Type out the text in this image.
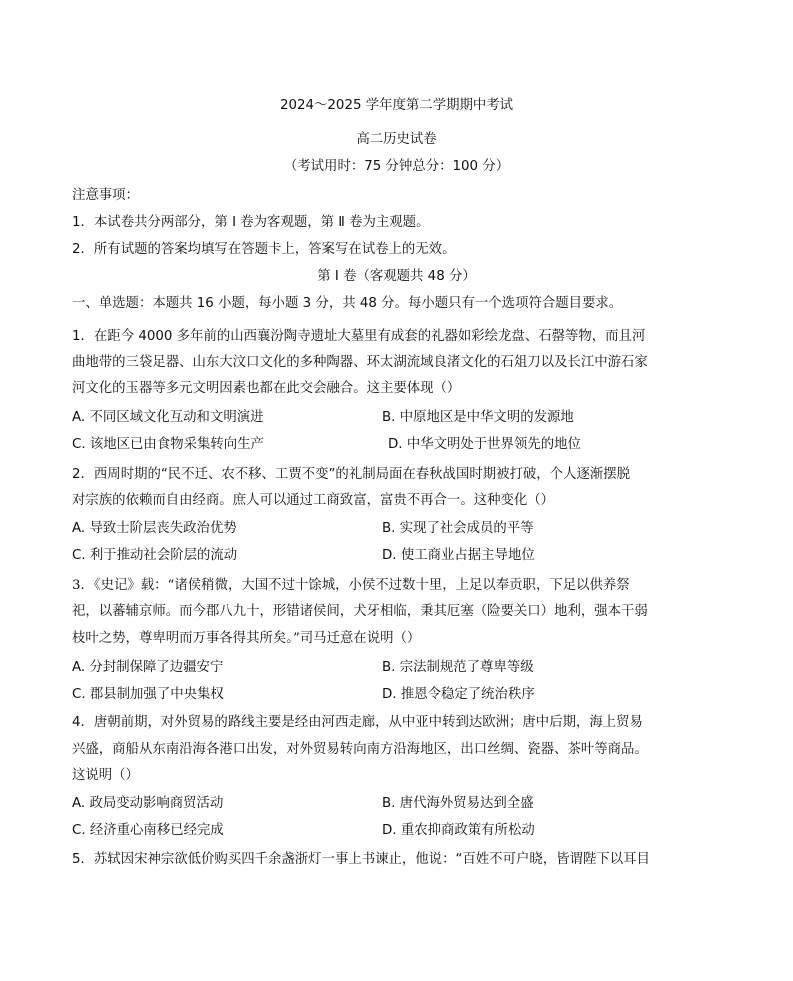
2024～2025 学年度第二学期期中考试
高二历史试卷
（考试用时：75 分钟总分：100 分）
注意事项：
1．本试卷共分两部分，第 Ⅰ 卷为客观题，第 Ⅱ 卷为主观题。
2．所有试题的答案均填写在答题卡上，答案写在试卷上的无效。
第 Ⅰ 卷（客观题共 48 分）
一、单选题：本题共 16 小题，每小题 3 分，共 48 分。每小题只有一个选项符合题目要求。
1．在距今 4000 多年前的山西襄汾陶寺遗址大墓里有成套的礼器如彩绘龙盘、石罄等物，而且河
曲地带的三袋足器、山东大汶口文化的多种陶器、环太湖流域良渚文化的石俎刀以及长江中游石家
河文化的玉器等多元文明因素也都在此交会融合。这主要体现（）
A. 不同区域文化互动和文明演进	B. 中原地区是中华文明的发源地
C. 该地区已由食物采集转向生产	D. 中华文明处于世界领先的地位
2．西周时期的“民不迁、农不移、工贾不变”的礼制局面在春秋战国时期被打破，个人逐渐摆脱
对宗族的依赖而自由经商。庶人可以通过工商致富，富贵不再合一。这种变化（）
A. 导致士阶层丧失政治优势	B. 实现了社会成员的平等
C. 利于推动社会阶层的流动	D. 使工商业占据主导地位
3．《史记》载：“诸侯稍微，大国不过十馀城，小侯不过数十里，上足以奉贡职，下足以供养祭
祀，以蕃辅京师。而今郡八九十，形错诸侯间，犬牙相临，秉其厄塞（险要关口）地利，强本干弱
枝叶之势，尊卑明而万事各得其所矣。”司马迁意在说明（）
A. 分封制保障了边疆安宁	B. 宗法制规范了尊卑等级
C. 郡县制加强了中央集权	D. 推恩令稳定了统治秩序
4．唐朝前期，对外贸易的路线主要是经由河西走廊，从中亚中转到达欧洲；唐中后期，海上贸易
兴盛，商船从东南沿海各港口出发，对外贸易转向南方沿海地区，出口丝绸、瓷器、茶叶等商品。
这说明（）
A. 政局变动影响商贸活动	B. 唐代海外贸易达到全盛
C. 经济重心南移已经完成	D. 重农抑商政策有所松动
5．苏轼因宋神宗欲低价购买四千余盏浙灯一事上书谏止，他说：“百姓不可户晓，皆谓陛下以耳目
